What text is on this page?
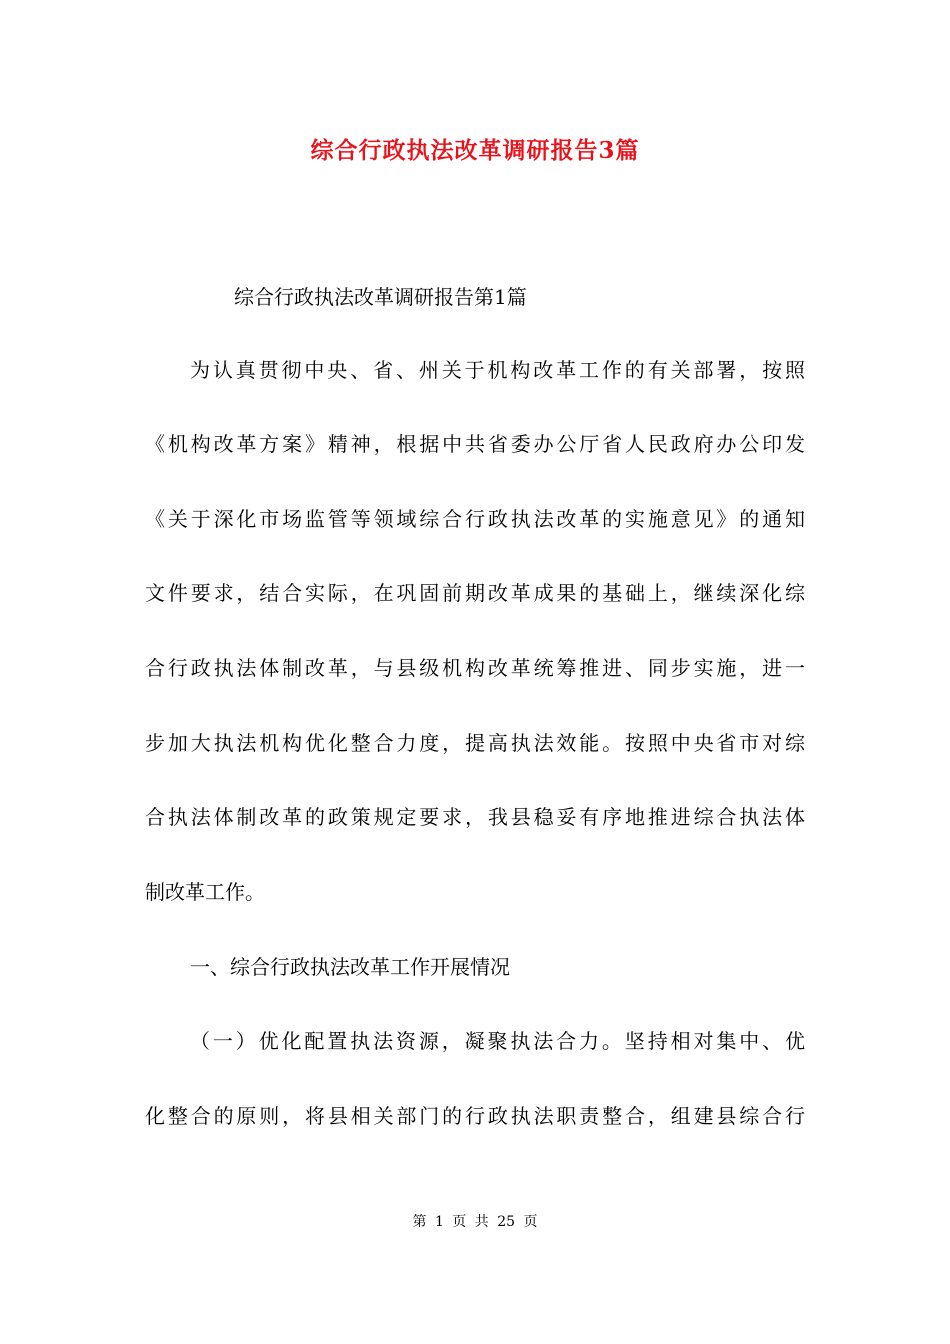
综合行政执法改革调研报告3篇
综合行政执法改革调研报告第1篇
为认真贯彻中央、省、州关于机构改革工作的有关部署，按照
《机构改革方案》精神，根据中共省委办公厅省人民政府办公印发
《关于深化市场监管等领域综合行政执法改革的实施意见》的通知
文件要求，结合实际，在巩固前期改革成果的基础上，继续深化综
合行政执法体制改革，与县级机构改革统筹推进、同步实施，进一
步加大执法机构优化整合力度，提高执法效能。按照中央省市对综
合执法体制改革的政策规定要求，我县稳妥有序地推进综合执法体
制改革工作。
一、综合行政执法改革工作开展情况
（一）优化配置执法资源，凝聚执法合力。坚持相对集中、优
化整合的原则，将县相关部门的行政执法职责整合，组建县综合行
第 1 页 共 25 页
